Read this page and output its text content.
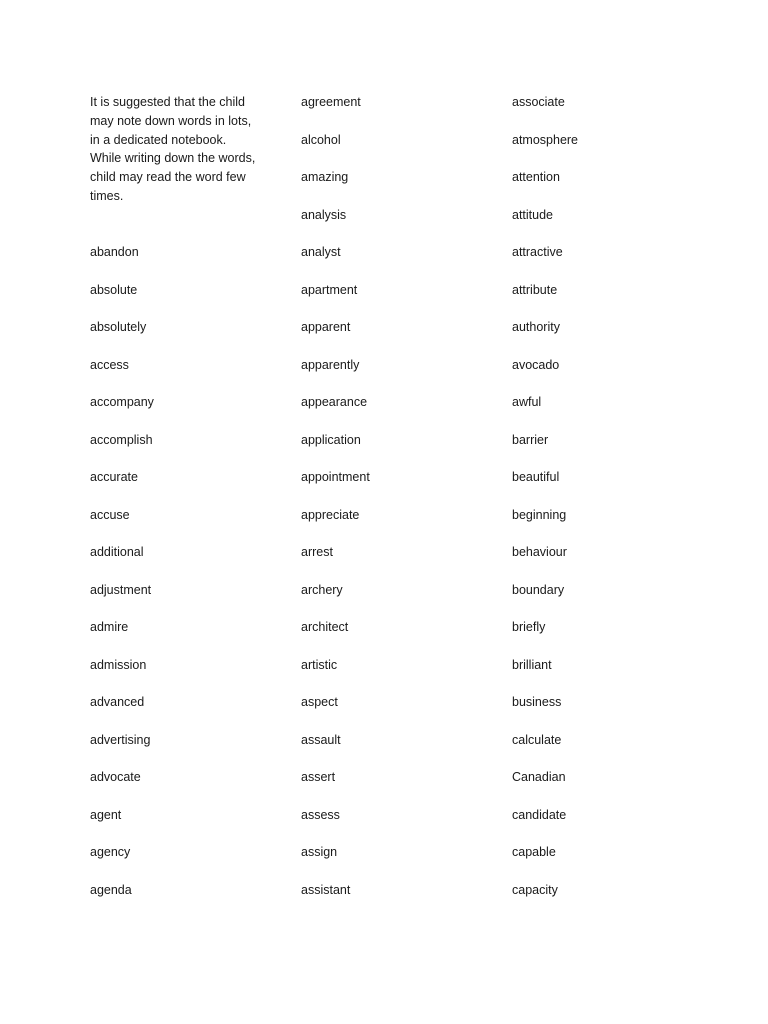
It is suggested that the child may note down words in lots, in a dedicated notebook. While writing down the words, child may read the word few times.
abandon
absolute
absolutely
access
accompany
accomplish
accurate
accuse
additional
adjustment
admire
admission
advanced
advertising
advocate
agent
agency
agenda
agreement
alcohol
amazing
analysis
analyst
apartment
apparent
apparently
appearance
application
appointment
appreciate
arrest
archery
architect
artistic
aspect
assault
assert
assess
assign
assistant
associate
atmosphere
attention
attitude
attractive
attribute
authority
avocado
awful
barrier
beautiful
beginning
behaviour
boundary
briefly
brilliant
business
calculate
Canadian
candidate
capable
capacity
